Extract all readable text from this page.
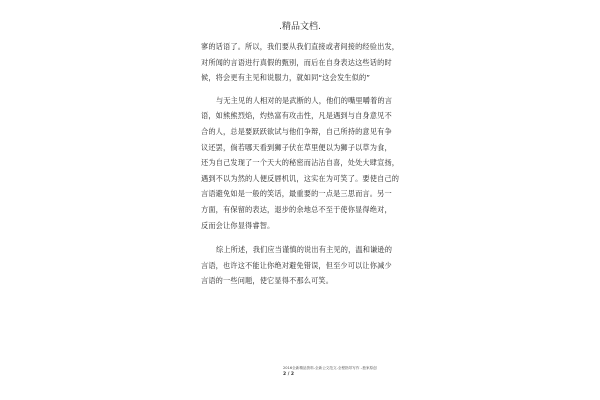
.精品文档.
寥的话语了。所以，我们要从我们直接或者间接的经验出发，
对所闻的言语进行真假的甄别，而后在自身表达这些话的时
候，将会更有主见和说服力，就如同“这会发生似的”
与无主见的人相对的是武断的人，他们的嘴里嚼着的言
语，如熊熊烈焰，灼热富有攻击性，凡是遇到与自身意见不
合的人，总是要跃跃欲试与他们争辩，自己所持的意见有争
议还罢，倘若哪天看到狮子伏在草里便以为狮子以草为食，
还为自己发现了一个天大的秘密而沾沾自喜，处处大肆宣扬，
遇到不以为然的人便反唇机讥，这实在为可笑了。要使自己的
言语避免如是一般的笑话，最重要的一点是三思而言。另一
方面，有保留的表达，退步的余地总不至于使你显得绝对，
反而会让你显得睿智。
综上所述，我们应当谨慎的说出有主见的，温和谦逊的
言语，也许这不能让你绝对避免错误，但至少可以让你减少
言语的一些问题，使它显得不那么可笑。
2016全新精品资料-全新公文范文-全程指导写作 –独家原创
2 / 2
